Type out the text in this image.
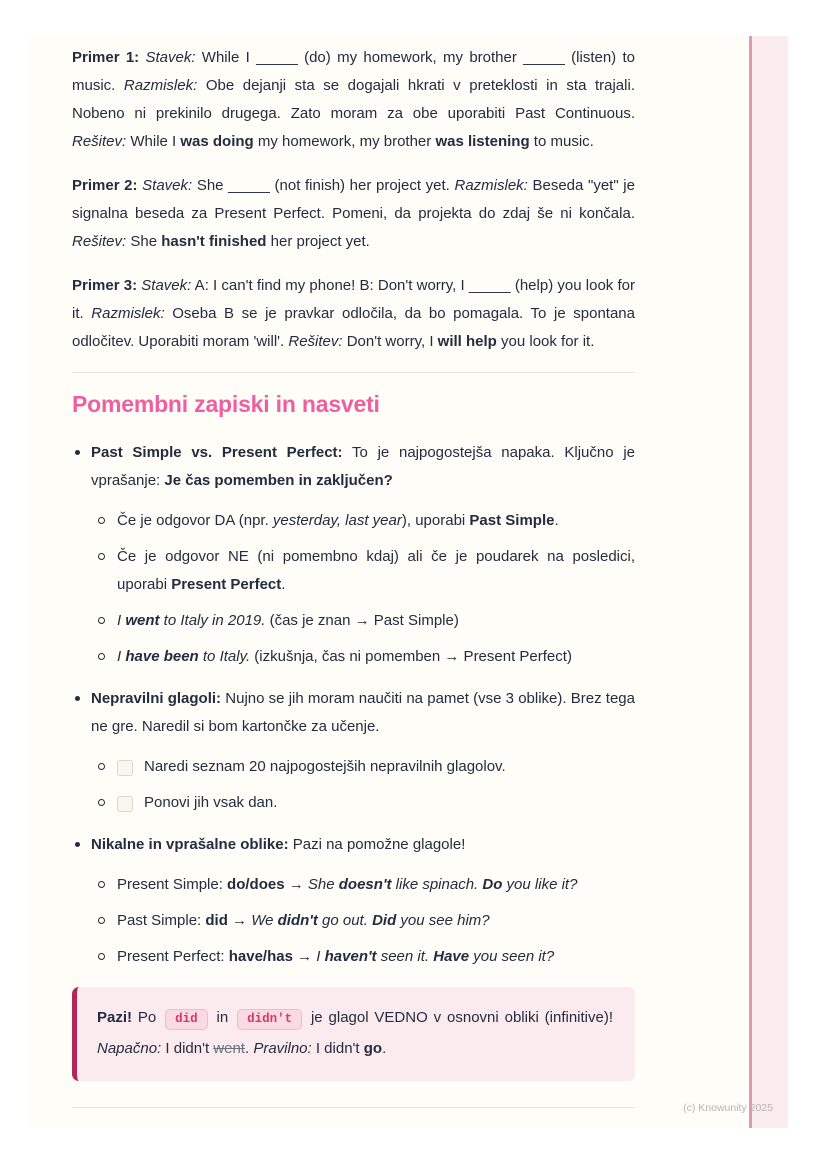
Primer 1: Stavek: While I _____ (do) my homework, my brother _____ (listen) to music. Razmislek: Obe dejanji sta se dogajali hkrati v preteklosti in sta trajali. Nobeno ni prekinilo drugega. Zato moram za obe uporabiti Past Continuous. Rešitev: While I was doing my homework, my brother was listening to music.

Primer 2: Stavek: She _____ (not finish) her project yet. Razmislek: Beseda "yet" je signalna beseda za Present Perfect. Pomeni, da projekta do zdaj še ni končala. Rešitev: She hasn't finished her project yet.

Primer 3: Stavek: A: I can't find my phone! B: Don't worry, I _____ (help) you look for it. Razmislek: Oseba B se je pravkar odločila, da bo pomagala. To je spontana odločitev. Uporabiti moram 'will'. Rešitev: Don't worry, I will help you look for it.

Pomembni zapiski in nasveti
Past Simple vs. Present Perfect: To je najpogostejša napaka. Ključno je vprašanje: Je čas pomemben in zaključen?
Če je odgovor DA (npr. yesterday, last year), uporabi Past Simple.
Če je odgovor NE (ni pomembno kdaj) ali če je poudarek na posledici, uporabi Present Perfect.
I went to Italy in 2019. (čas je znan → Past Simple)
I have been to Italy. (izkušnja, čas ni pomemben → Present Perfect)
Nepravilni glagoli: Nujno se jih moram naučiti na pamet (vse 3 oblike). Brez tega ne gre. Naredil si bom kartončke za učenje.
Naredi seznam 20 najpogostejših nepravilnih glagolov.
Ponovi jih vsak dan.
Nikalne in vprašalne oblike: Pazi na pomožne glagole!
Present Simple: do/does → She doesn't like spinach. Do you like it?
Past Simple: did → We didn't go out. Did you see him?
Present Perfect: have/has → I haven't seen it. Have you seen it?

Pazi! Po did in didn't je glagol VEDNO v osnovni obliki (infinitive)! Napačno: I didn't went. Pravilno: I didn't go.

(c) Knowunity 2025
